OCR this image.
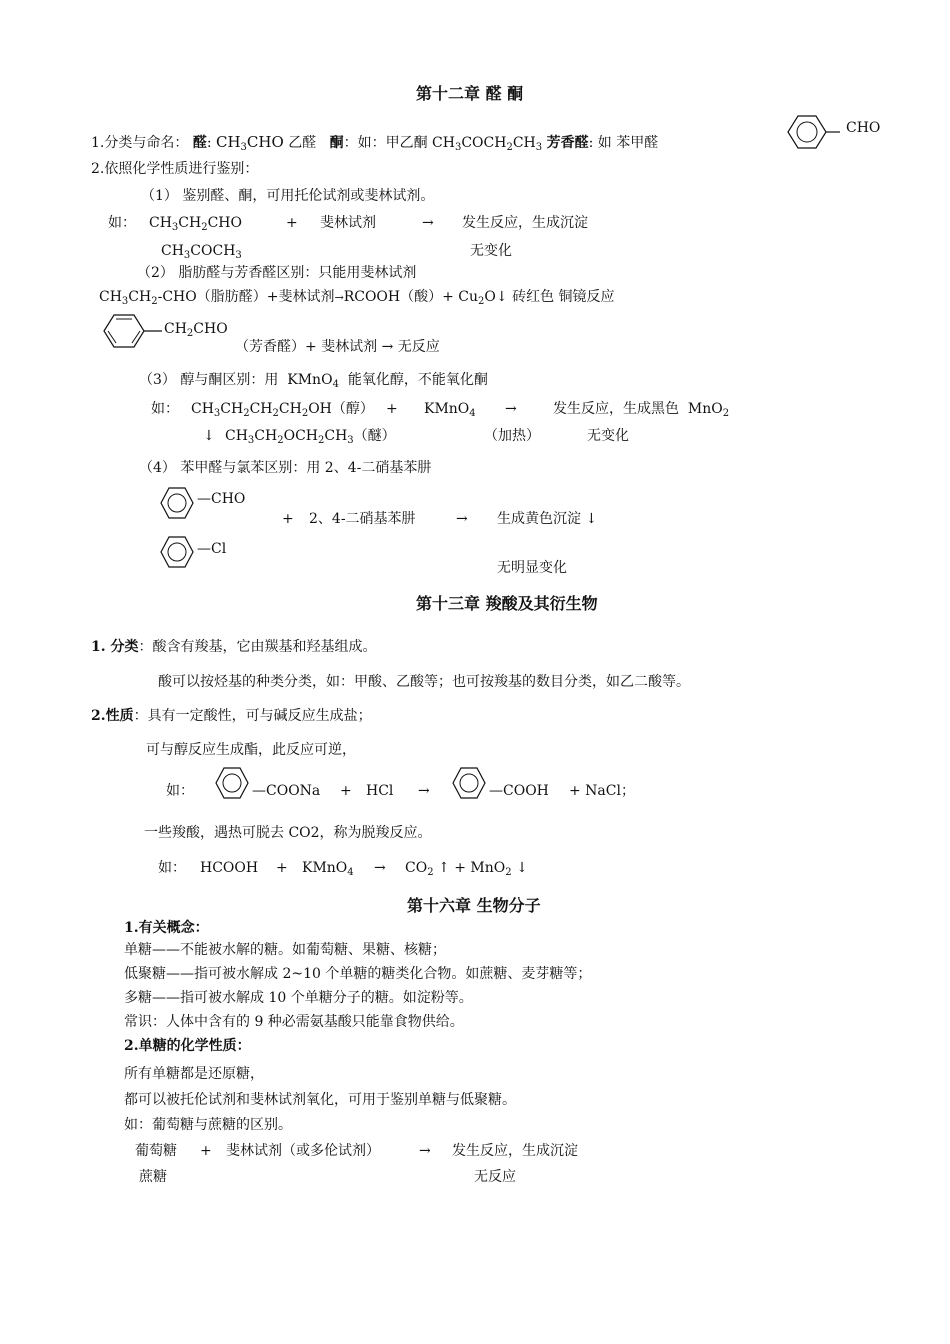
第十二章 醛 酮
1.分类与命名： 醛: $CH_3CHO$ 乙醛 酮：如：甲乙酮 $CH_3COCH_2CH_3$ 芳香醛: 如 苯甲醛
CHO
2.依照化学性质进行鉴别：
（1） 鉴别醛、酮，可用托伦试剂或斐林试剂。
如： $CH_3CH_2CHO$	+ 斐林试剂	→ 发生反应，生成沉淀
$CH_3COCH_3$	无变化
（2） 脂肪醛与芳香醛区别：只能用斐林试剂
$CH_3CH_2-CHO$（脂肪醛）+斐林试剂→RCOOH（酸）+ $Cu_2O↓$ 砖红色 铜镜反应
$CH_2CHO$
（芳香醛）+ 斐林试剂 → 无反应
（3） 醇与酮区别：用  KMnO$_4$ 能氧化醇，不能氧化酮
如： $CH_3CH_2CH_2CH_2OH$（醇） + KMnO$_4$ →	发生反应，生成黑色  MnO$_2$
↓ $CH_3CH_2OCH_2CH_3$（醚）	（加热）	无变化
（4） 苯甲醛与氯苯区别：用 2、4-二硝基苯肼
—CHO
+ 2、4-二硝基苯肼	→ 生成黄色沉淀 ↓
—Cl
无明显变化
第十三章 羧酸及其衍生物
1. 分类：酸含有羧基，它由羰基和羟基组成。
酸可以按烃基的种类分类，如：甲酸、乙酸等；也可按羧基的数目分类，如乙二酸等。
2.性质：具有一定酸性，可与碱反应生成盐；
可与醇反应生成酯，此反应可逆，
如：	—COONa + HCl →	—COOH + NaCl；
一些羧酸，遇热可脱去 CO2，称为脱羧反应。
如： HCOOH + KMnO$_4$ → $CO_2$ ↑ + MnO$_2$ ↓
第十六章 生物分子
1.有关概念：
单糖——不能被水解的糖。如葡萄糖、果糖、核糖；
低聚糖——指可被水解成 2~10 个单糖的糖类化合物。如蔗糖、麦芽糖等；
多糖——指可被水解成 10 个单糖分子的糖。如淀粉等。
常识：人体中含有的 9 种必需氨基酸只能靠食物供给。
2.单糖的化学性质：
所有单糖都是还原糖，
都可以被托伦试剂和斐林试剂氧化，可用于鉴别单糖与低聚糖。
如：葡萄糖与蔗糖的区别。
葡萄糖 + 斐林试剂（或多伦试剂）	→ 发生反应，生成沉淀
蔗糖	无反应
